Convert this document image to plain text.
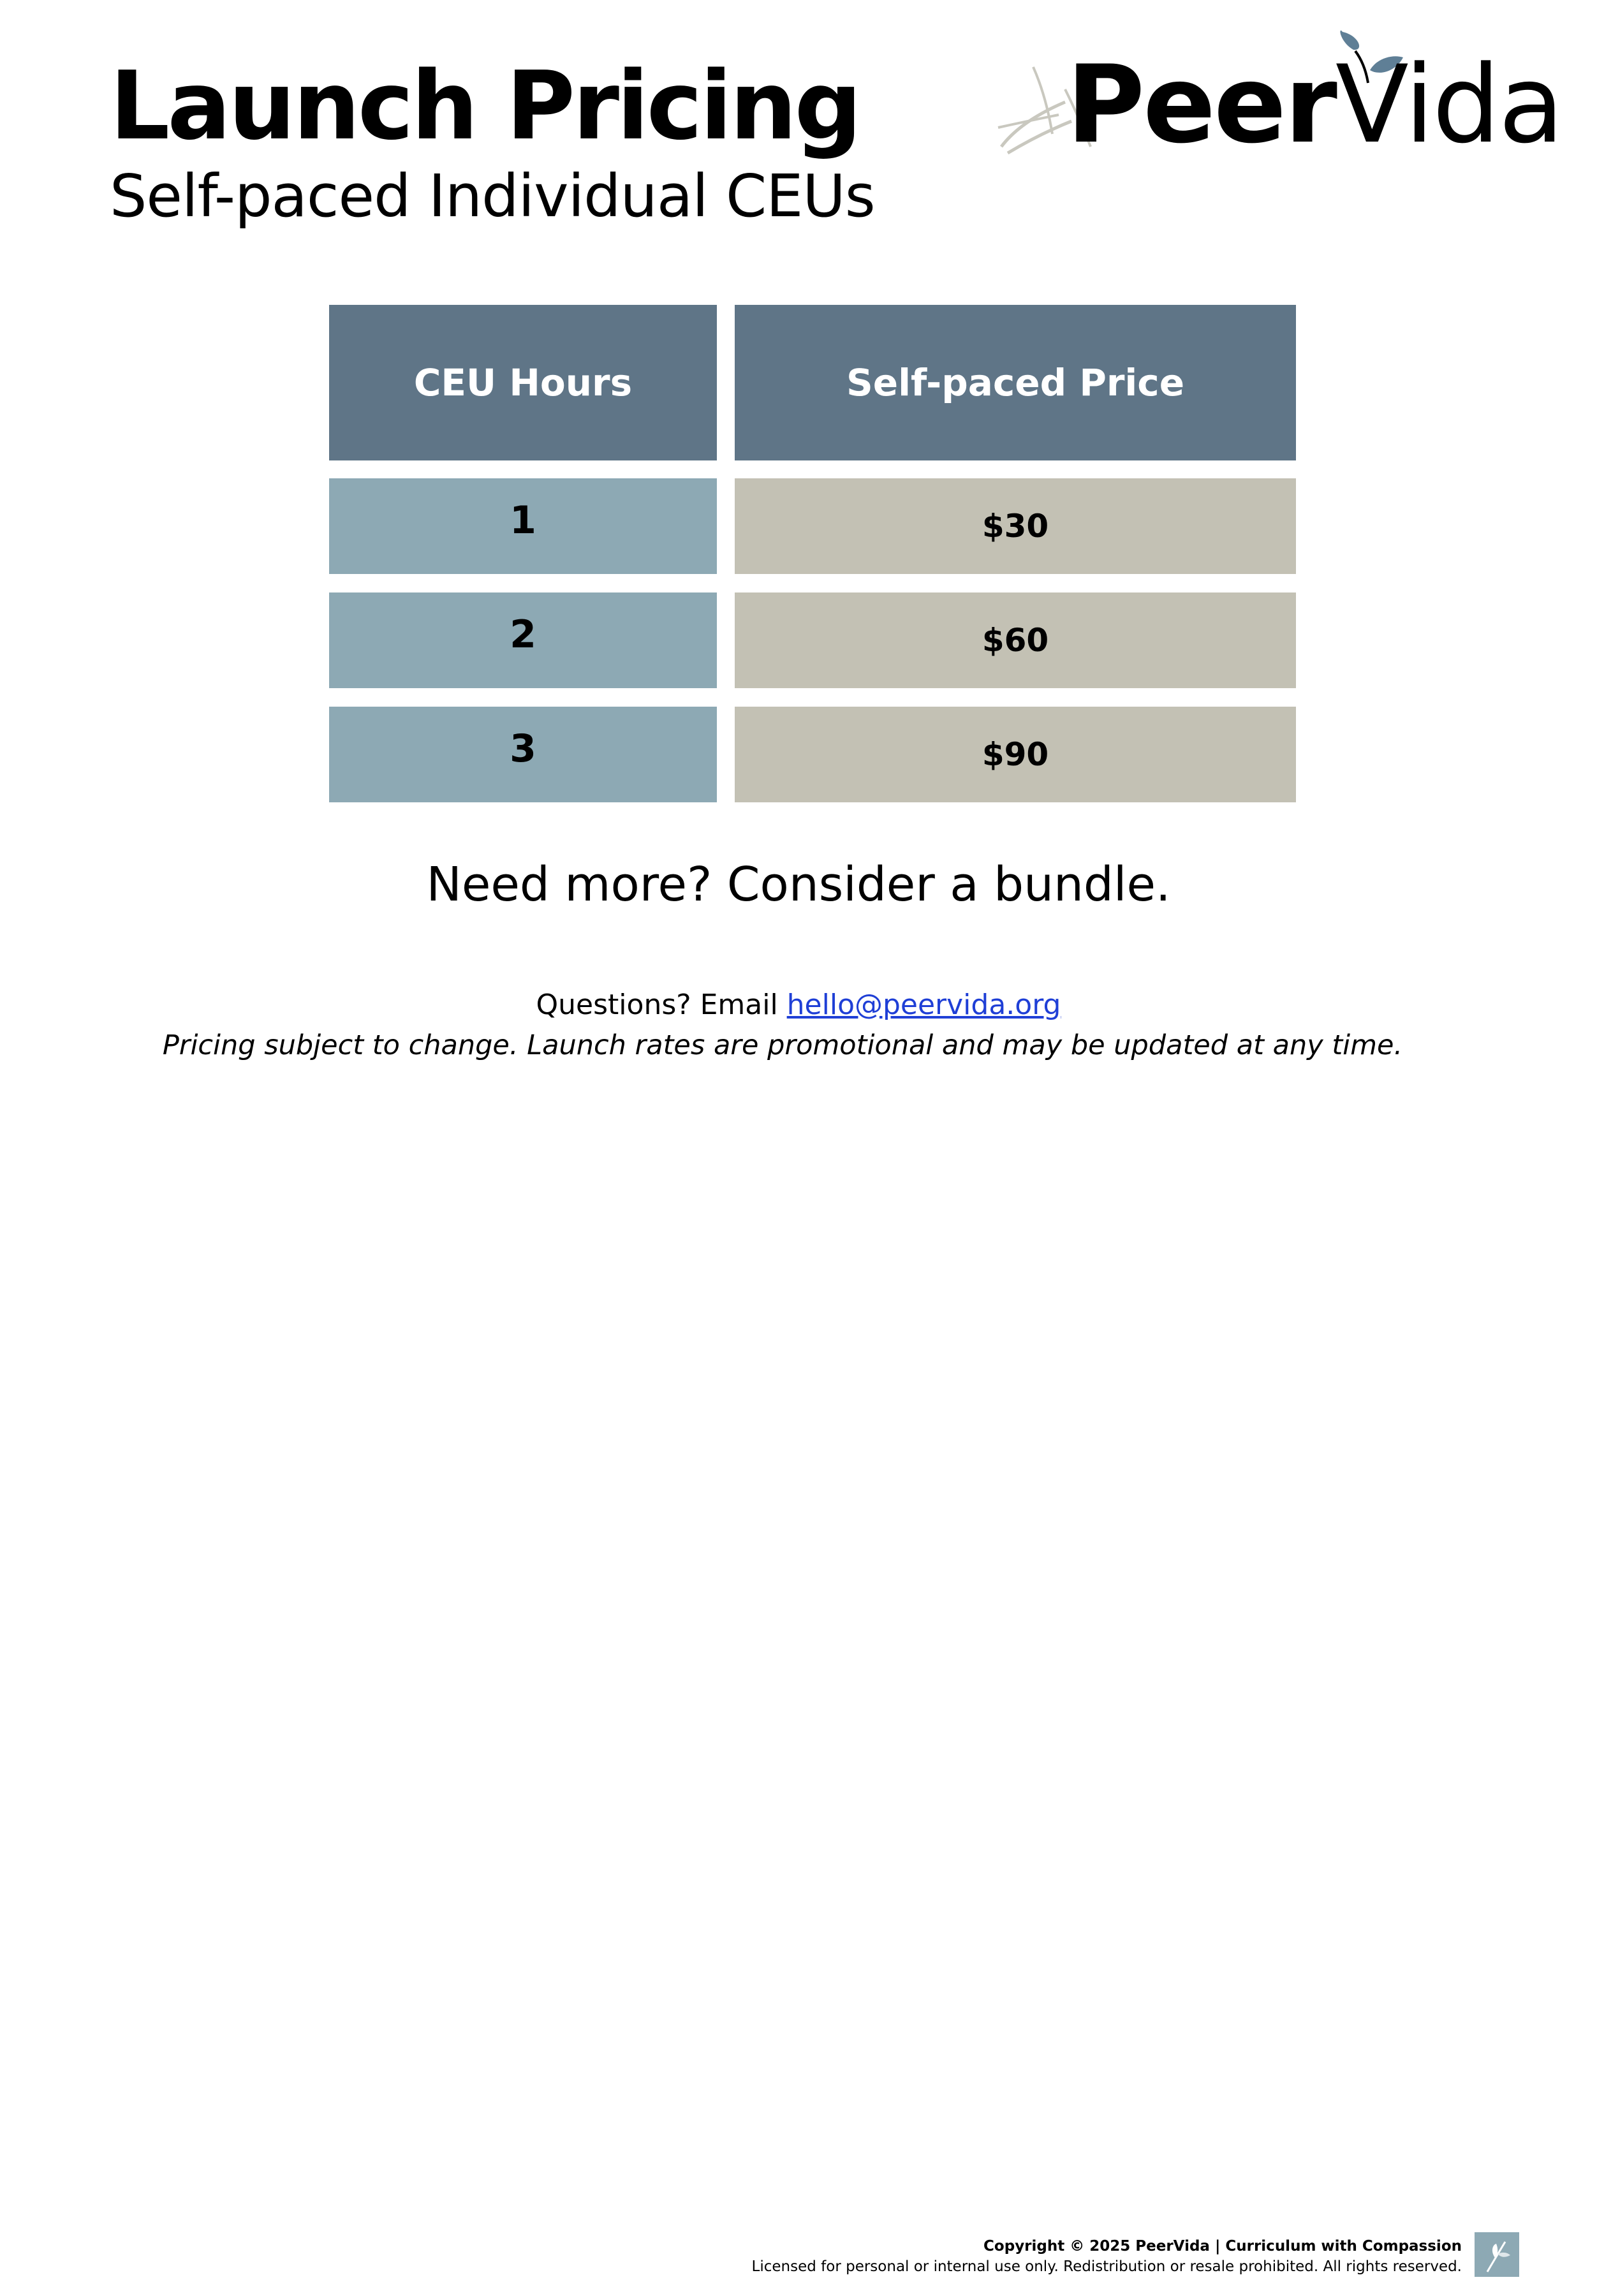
Launch Pricing
Self-paced Individual CEUs
PeerVida
CEU Hours	Self-paced Price
1	$30
2	$60
3	$90

Need more? Consider a bundle.

Questions? Email hello@peervida.org
Pricing subject to change. Launch rates are promotional and may be updated at any time.
Copyright © 2025 PeerVida | Curriculum with Compassion
Licensed for personal or internal use only. Redistribution or resale prohibited. All rights reserved.
